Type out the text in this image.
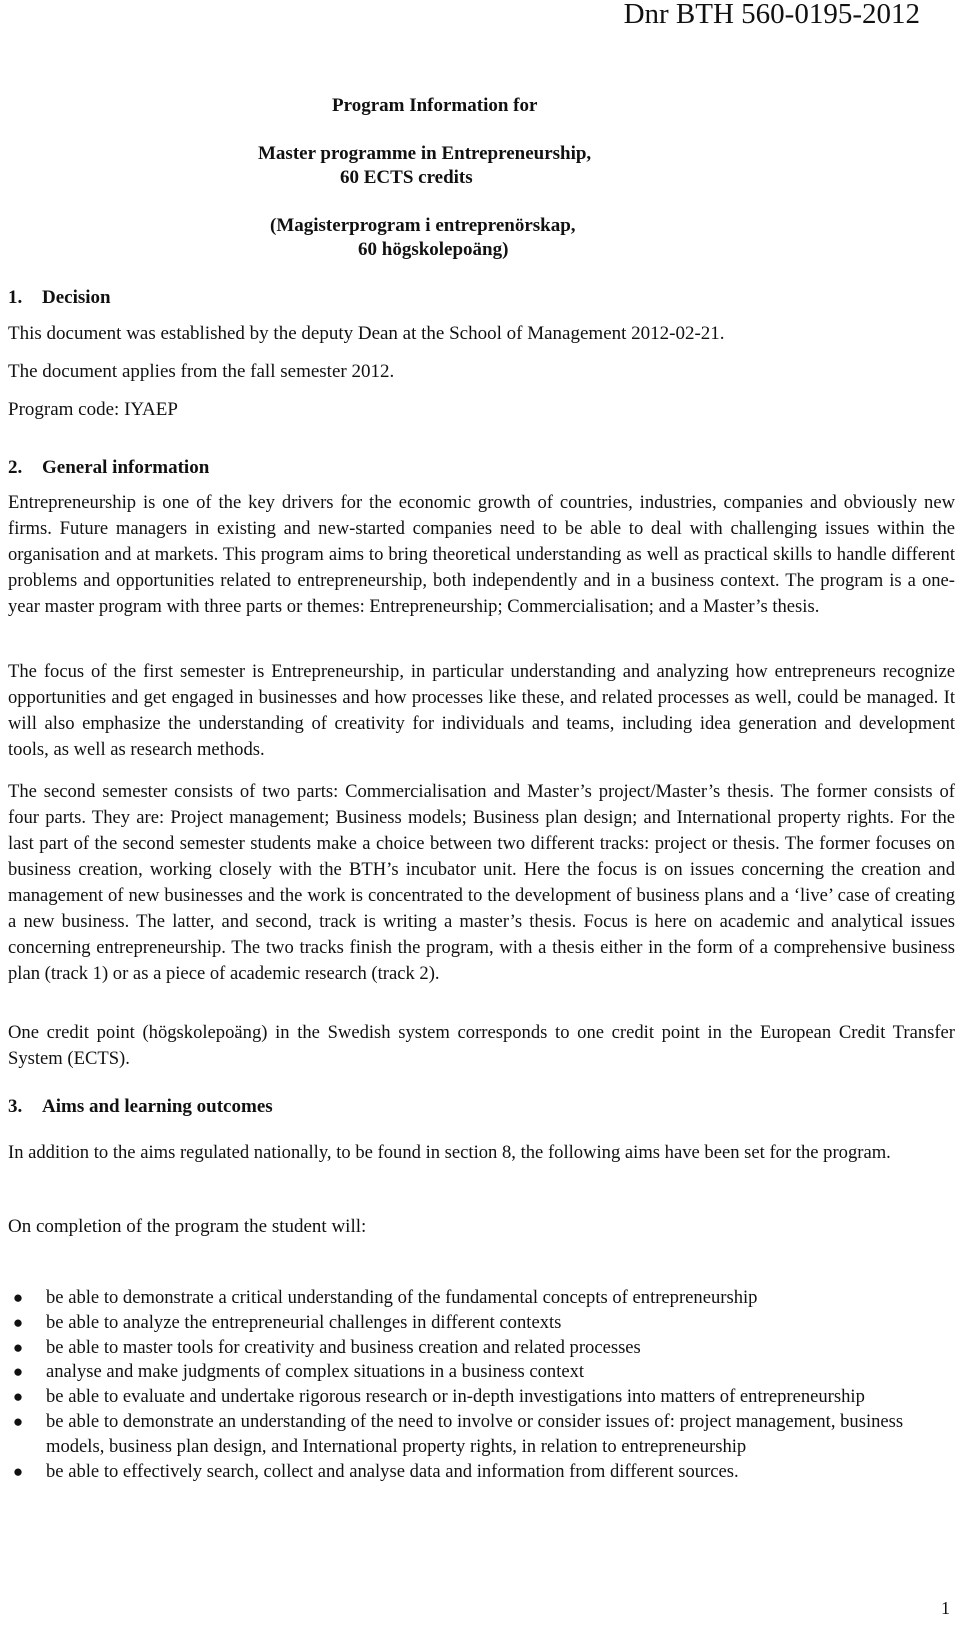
Dnr BTH 560-0195-2012
Program Information for
Master programme in Entrepreneurship,
60 ECTS credits
(Magisterprogram i entreprenörskap,
60 högskolepoäng)
1. Decision
This document was established by the deputy Dean at the School of Management 2012-02-21.
The document applies from the fall semester 2012.
Program code: IYAEP
2. General information

Entrepreneurship is one of the key drivers for the economic growth of countries, industries, companies and obviously new firms. Future managers in existing and new-started companies need to be able to deal with challenging issues within the organisation and at markets. This program aims to bring theoretical understanding as well as practical skills to handle different problems and opportunities related to entrepreneurship, both independently and in a business context. The program is a one-year master program with three parts or themes: Entrepreneurship; Commercialisation; and a Master’s thesis.

The focus of the first semester is Entrepreneurship, in particular understanding and analyzing how entrepreneurs recognize opportunities and get engaged in businesses and how processes like these, and related processes as well, could be managed. It will also emphasize the understanding of creativity for individuals and teams, including idea generation and development tools, as well as research methods.

The second semester consists of two parts: Commercialisation and Master’s project/Master’s thesis. The former consists of four parts. They are: Project management; Business models; Business plan design; and International property rights. For the last part of the second semester students make a choice between two different tracks: project or thesis. The former focuses on business creation, working closely with the BTH’s incubator unit. Here the focus is on issues concerning the creation and management of new businesses and the work is concentrated to the development of business plans and a ‘live’ case of creating a new business. The latter, and second, track is writing a master’s thesis. Focus is here on academic and analytical issues concerning entrepreneurship. The two tracks finish the program, with a thesis either in the form of a comprehensive business plan (track 1) or as a piece of academic research (track 2).

One credit point (högskolepoäng) in the Swedish system corresponds to one credit point in the European Credit Transfer System (ECTS).

3. Aims and learning outcomes

In addition to the aims regulated nationally, to be found in section 8, the following aims have been set for the program.

On completion of the program the student will:
● be able to demonstrate a critical understanding of the fundamental concepts of entrepreneurship
● be able to analyze the entrepreneurial challenges in different contexts
● be able to master tools for creativity and business creation and related processes
● analyse and make judgments of complex situations in a business context
● be able to evaluate and undertake rigorous research or in-depth investigations into matters of entrepreneurship
● be able to demonstrate an understanding of the need to involve or consider issues of: project management, business models, business plan design, and International property rights, in relation to entrepreneurship
● be able to effectively search, collect and analyse data and information from different sources.
1
